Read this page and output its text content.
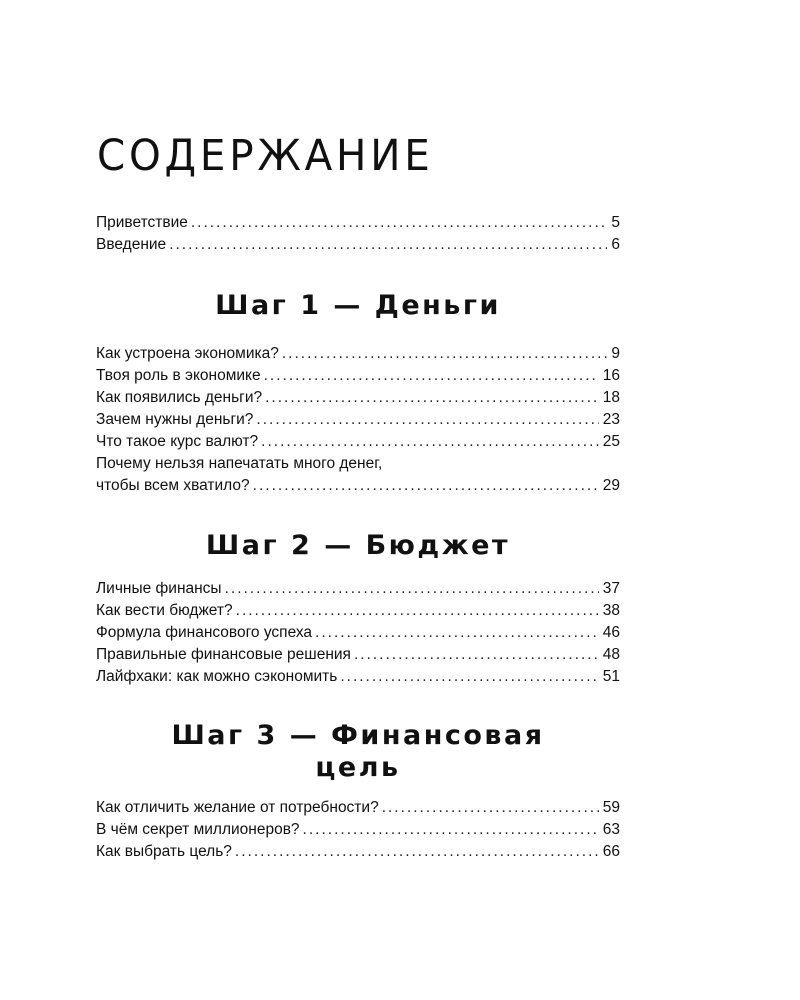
СОДЕРЖАНИЕ
Приветствие .....	5
Введение .....	6
Шаг 1 — Деньги
Как устроена экономика? .....	9
Твоя роль в экономике .....	16
Как появились деньги? .....	18
Зачем нужны деньги? .....	23
Что такое курс валют? .....	25
Почему нельзя напечатать много денег,
чтобы всем хватило? .....	29
Шаг 2 — Бюджет
Личные финансы .....	37
Как вести бюджет? .....	38
Формула финансового успеха .....	46
Правильные финансовые решения .....	48
Лайфхаки: как можно сэкономить .....	51
Шаг 3 — Финансовая
цель
Как отличить желание от потребности? .....	59
В чём секрет миллионеров? .....	63
Как выбрать цель? .....	66
